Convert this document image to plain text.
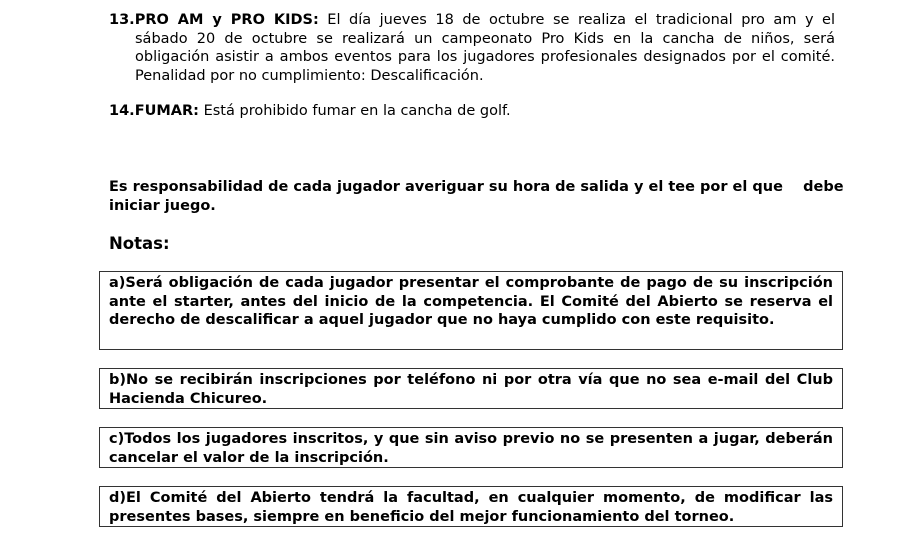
13.PRO AM y PRO KIDS: El día jueves 18 de octubre se realiza el tradicional pro am y el
sábado 20 de octubre se realizará un campeonato Pro Kids en la cancha de niños, será obligación asistir a ambos eventos para los jugadores profesionales designados por el comité. Penalidad por no cumplimiento: Descalificación.
14.FUMAR: Está prohibido fumar en la cancha de golf.
Es responsabilidad de cada jugador averiguar su hora de salida y el tee por el que    debe iniciar juego.
Notas:
a)Será obligación de cada jugador presentar el comprobante de pago de su inscripción ante el starter, antes del inicio de la competencia. El Comité del Abierto se reserva el derecho de descalificar a aquel jugador que no haya cumplido con este requisito.
b)No se recibirán inscripciones por teléfono ni por otra vía que no sea e-mail del Club Hacienda Chicureo.
c)Todos los jugadores inscritos, y que sin aviso previo no se presenten a jugar, deberán cancelar el valor de la inscripción.
d)El Comité del Abierto tendrá la facultad, en cualquier momento, de modificar las presentes bases, siempre en beneficio del mejor funcionamiento del torneo.
